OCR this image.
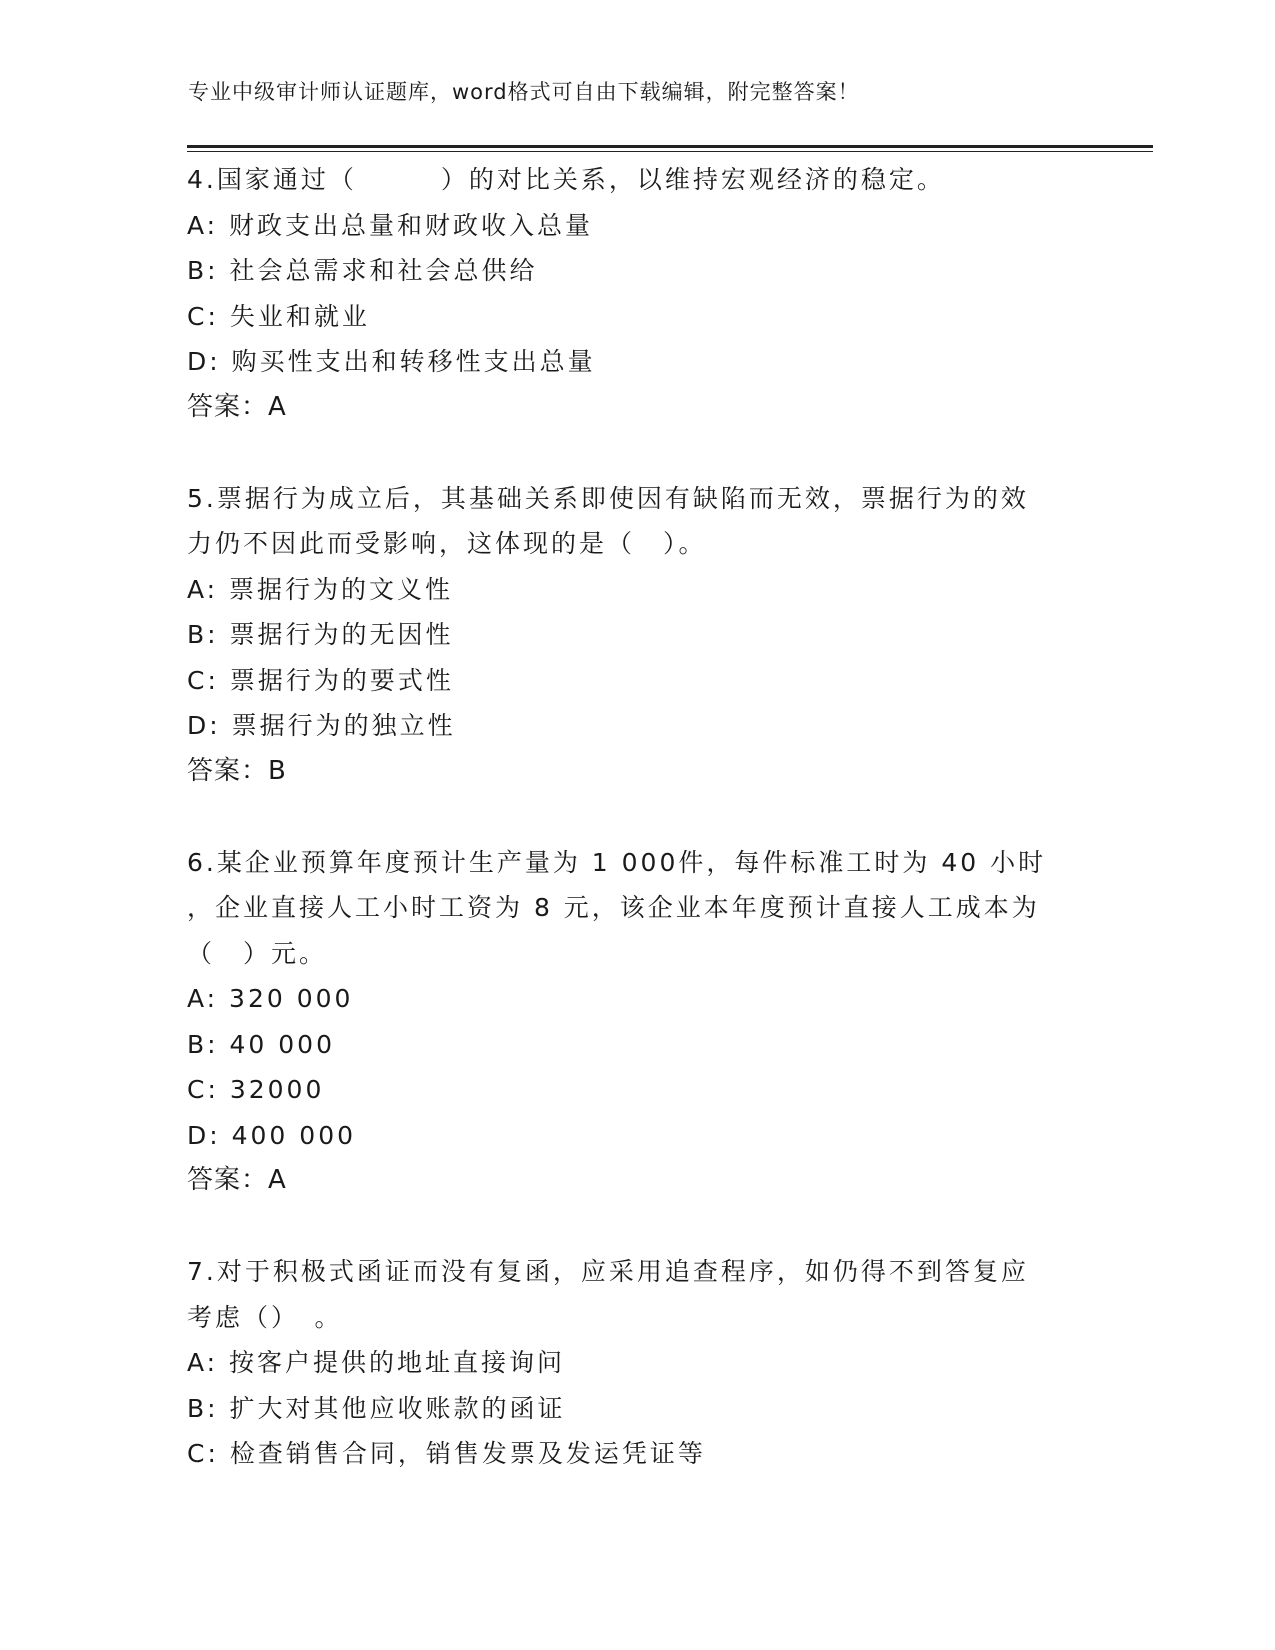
专业中级审计师认证题库，word格式可自由下载编辑，附完整答案！
4.国家通过（　　　）的对比关系，以维持宏观经济的稳定。
A: 财政支出总量和财政收入总量
B: 社会总需求和社会总供给
C: 失业和就业
D: 购买性支出和转移性支出总量
答案：A
5.票据行为成立后，其基础关系即使因有缺陷而无效，票据行为的效
力仍不因此而受影响，这体现的是（　）。
A: 票据行为的文义性
B: 票据行为的无因性
C: 票据行为的要式性
D: 票据行为的独立性
答案：B
6.某企业预算年度预计生产量为 1 000件，每件标准工时为 40 小时
，企业直接人工小时工资为 8 元，该企业本年度预计直接人工成本为
（　）元。
A: 320 000
B: 40 000
C: 32000
D: 400 000
答案：A
7.对于积极式函证而没有复函，应采用追查程序，如仍得不到答复应
考虑（）　。
A: 按客户提供的地址直接询问
B: 扩大对其他应收账款的函证
C: 检查销售合同，销售发票及发运凭证等
